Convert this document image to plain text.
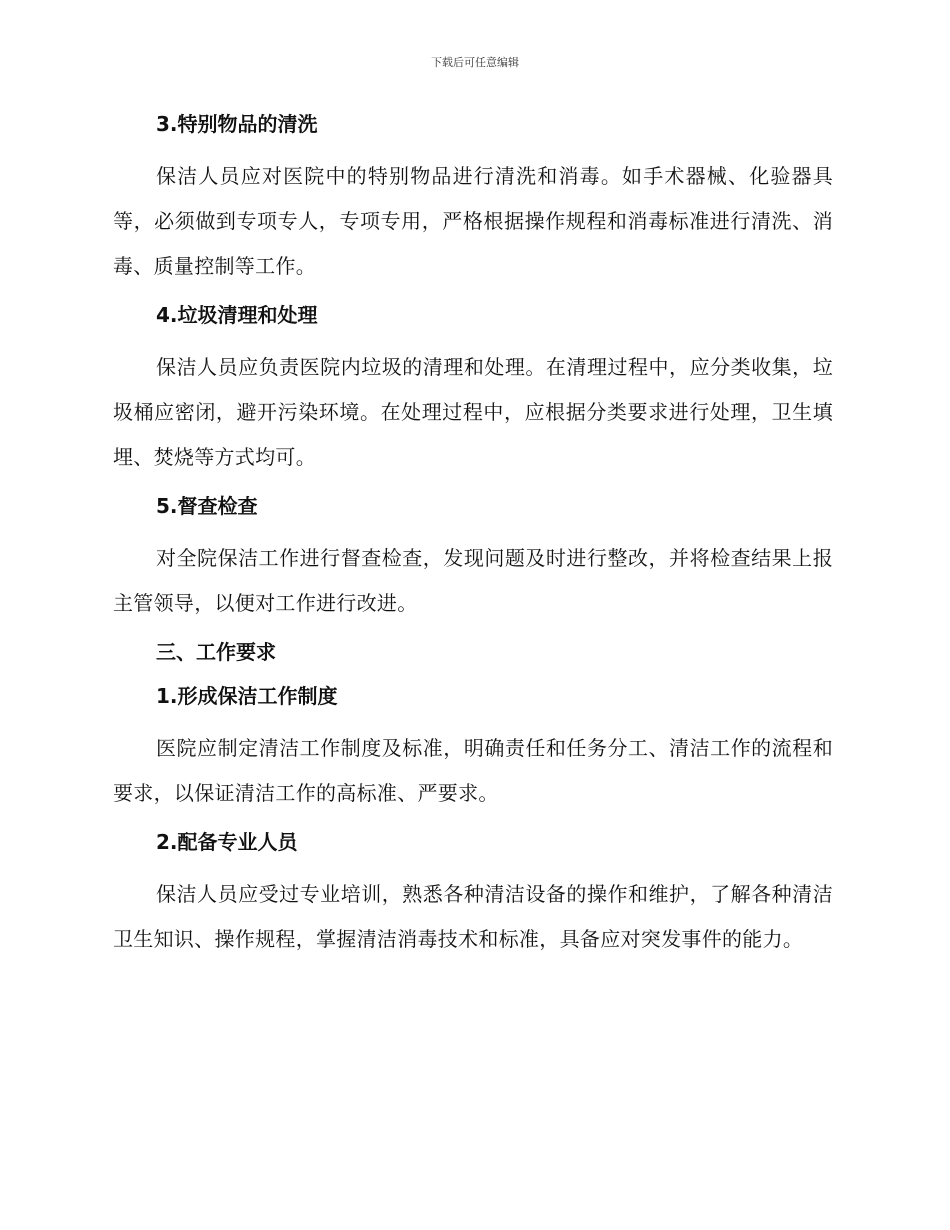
下载后可任意编辑
3.特别物品的清洗

保洁人员应对医院中的特别物品进行清洗和消毒。如手术器械、化验器具等，必须做到专项专人，专项专用，严格根据操作规程和消毒标准进行清洗、消毒、质量控制等工作。

4.垃圾清理和处理

保洁人员应负责医院内垃圾的清理和处理。在清理过程中，应分类收集，垃圾桶应密闭，避开污染环境。在处理过程中，应根据分类要求进行处理，卫生填埋、焚烧等方式均可。

5.督查检查

对全院保洁工作进行督查检查，发现问题及时进行整改，并将检查结果上报主管领导，以便对工作进行改进。

三、工作要求
1.形成保洁工作制度

医院应制定清洁工作制度及标准，明确责任和任务分工、清洁工作的流程和要求，以保证清洁工作的高标准、严要求。

2.配备专业人员

保洁人员应受过专业培训，熟悉各种清洁设备的操作和维护，了解各种清洁卫生知识、操作规程，掌握清洁消毒技术和标准，具备应对突发事件的能力。
